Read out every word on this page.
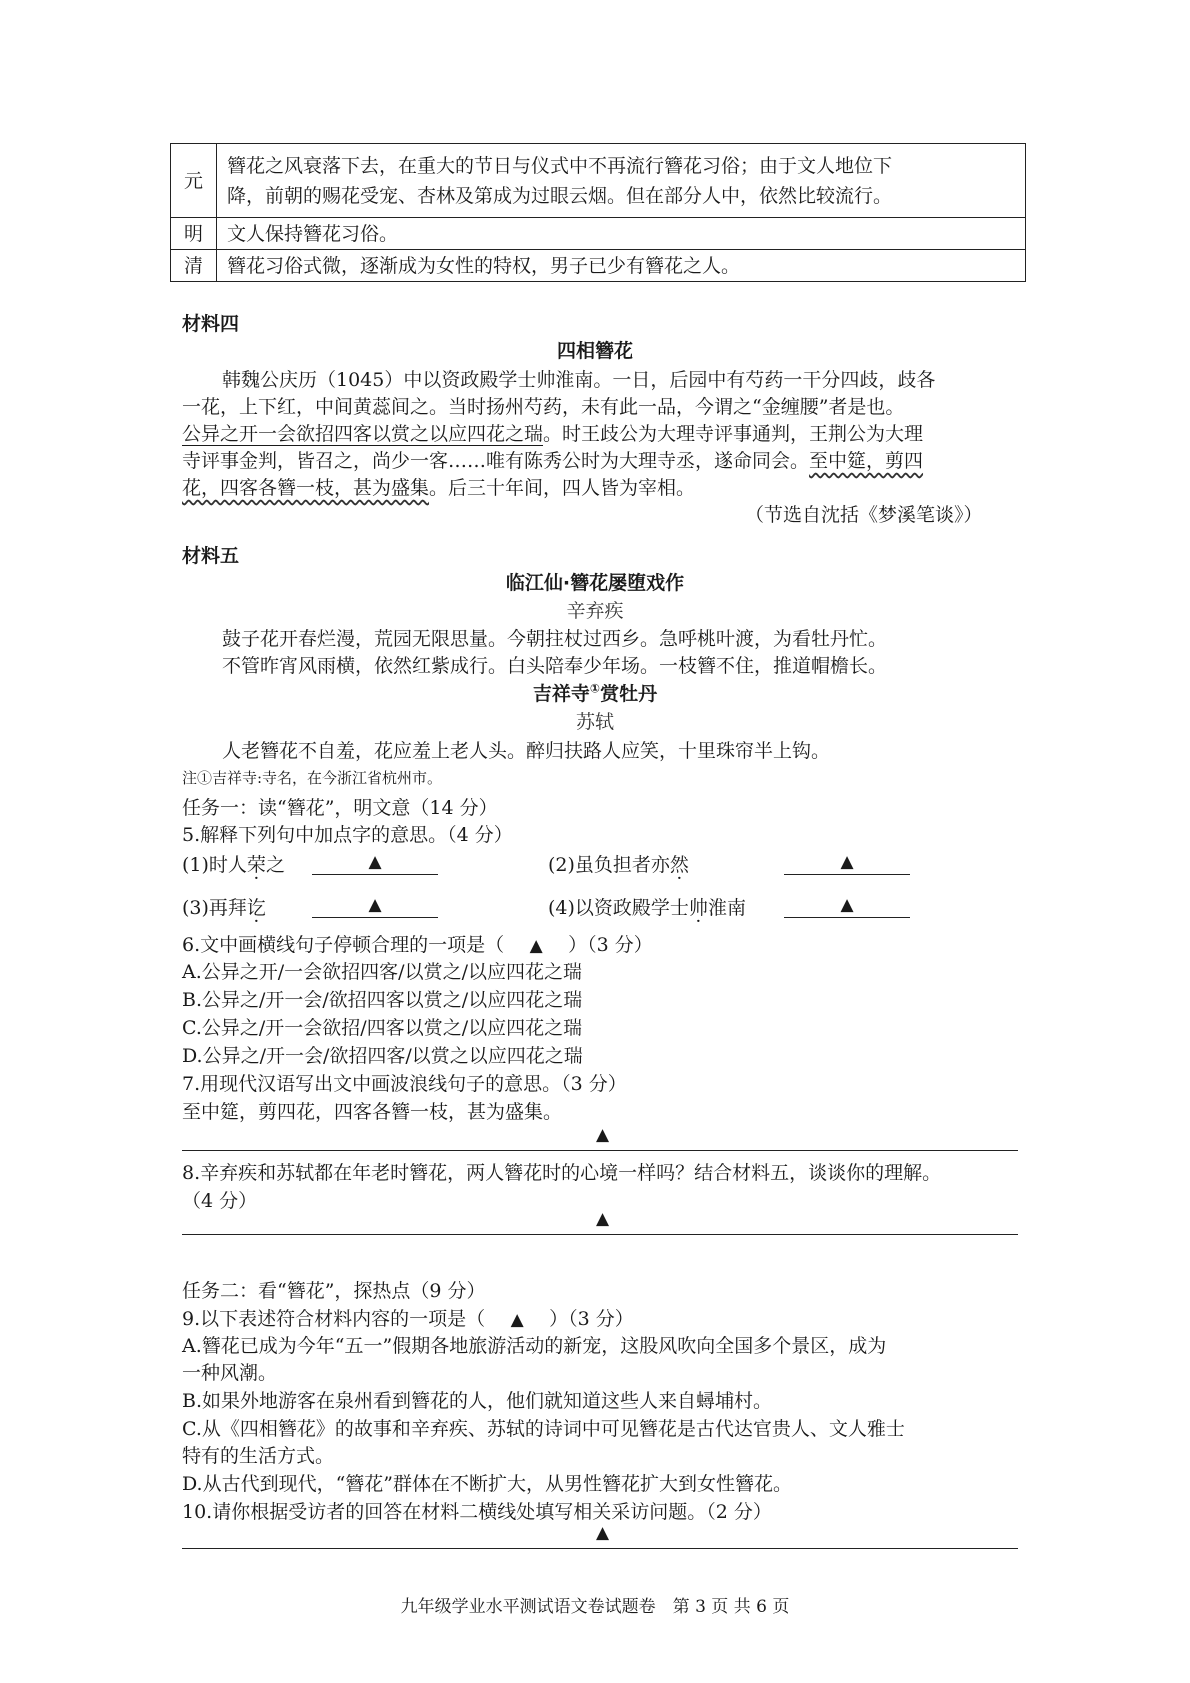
元	簪花之风衰落下去，在重大的节日与仪式中不再流行簪花习俗；由于文人地位下
降，前朝的赐花受宠、杏林及第成为过眼云烟。但在部分人中，依然比较流行。

明	文人保持簪花习俗。
清	簪花习俗式微，逐渐成为女性的特权，男子已少有簪花之人。
材料四
四相簪花
韩魏公庆历（1045）中以资政殿学士帅淮南。一日，后园中有芍药一干分四歧，歧各
一花，上下红，中间黄蕊间之。当时扬州芍药，未有此一品，今谓之“金缠腰”者是也。
公异之开一会欲招四客以赏之以应四花之瑞。时王歧公为大理寺评事通判，王荆公为大理
寺评事金判，皆召之，尚少一客……唯有陈秀公时为大理寺丞，遂命同会。至中筵，剪四
花，四客各簪一枝，甚为盛集。后三十年间，四人皆为宰相。
（节选自沈括《梦溪笔谈》）
材料五
临江仙·簪花屡堕戏作
辛弃疾
鼓子花开春烂漫，荒园无限思量。今朝拄杖过西乡。急呼桃叶渡，为看牡丹忙。
不管昨宵风雨横，依然红紫成行。白头陪奉少年场。一枝簪不住，推道帽檐长。
吉祥寺①赏牡丹
苏轼
人老簪花不自羞，花应羞上老人头。醉归扶路人应笑，十里珠帘半上钩。
注①吉祥寺:寺名，在今浙江省杭州市。
任务一：读“簪花”，明文意（14 分）
5.解释下列句中加点字的意思。（4 分）
(1)时人荣之	▲	(2)虽负担者亦然	▲
(3)再拜讫	▲	(4)以资政殿学士帅淮南	▲
6.文中画横线句子停顿合理的一项是（ ▲ ）（3 分）
A.公异之开/一会欲招四客/以赏之/以应四花之瑞
B.公异之/开一会/欲招四客以赏之/以应四花之瑞
C.公异之/开一会欲招/四客以赏之/以应四花之瑞
D.公异之/开一会/欲招四客/以赏之以应四花之瑞
7.用现代汉语写出文中画波浪线句子的意思。（3 分）
至中筵，剪四花，四客各簪一枝，甚为盛集。
▲
8.辛弃疾和苏轼都在年老时簪花，两人簪花时的心境一样吗？结合材料五，谈谈你的理解。
（4 分）
▲
任务二：看“簪花”，探热点（9 分）
9.以下表述符合材料内容的一项是（ ▲ ）（3 分）
A.簪花已成为今年“五一”假期各地旅游活动的新宠，这股风吹向全国多个景区，成为
一种风潮。
B.如果外地游客在泉州看到簪花的人，他们就知道这些人来自蟳埔村。
C.从《四相簪花》的故事和辛弃疾、苏轼的诗词中可见簪花是古代达官贵人、文人雅士
特有的生活方式。
D.从古代到现代，“簪花”群体在不断扩大，从男性簪花扩大到女性簪花。
10.请你根据受访者的回答在材料二横线处填写相关采访问题。（2 分）
▲
九年级学业水平测试语文卷试题卷　第 3 页 共 6 页
